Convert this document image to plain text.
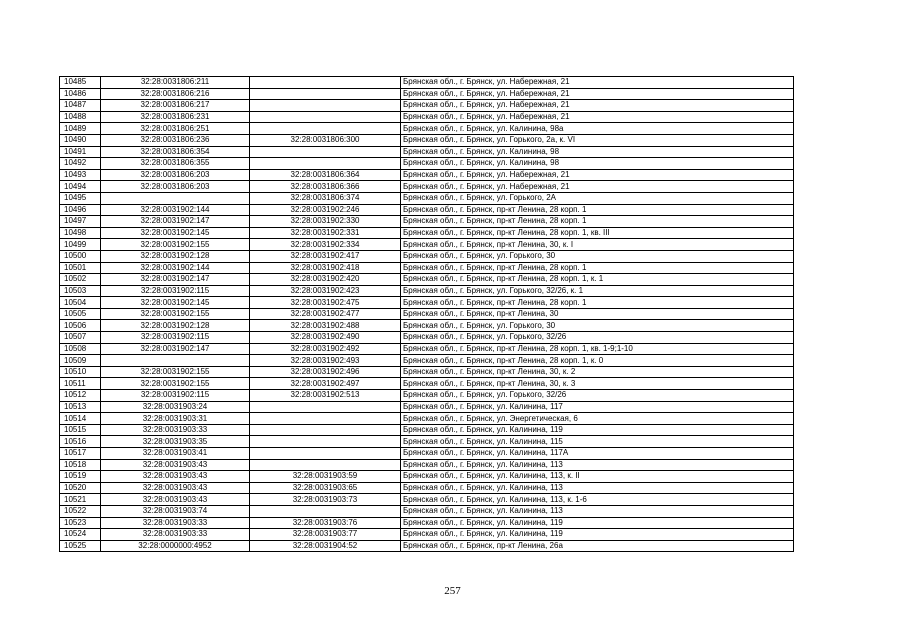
10485	32:28:0031806:211		Брянская обл., г. Брянск, ул. Набережная, 21
10486	32:28:0031806:216		Брянская обл., г. Брянск, ул. Набережная, 21
10487	32:28:0031806:217		Брянская обл., г. Брянск, ул. Набережная, 21
10488	32:28:0031806:231		Брянская обл., г. Брянск, ул. Набережная, 21
10489	32:28:0031806:251		Брянская обл., г. Брянск, ул. Калинина, 98а
10490	32:28:0031806:236	32:28:0031806:300	Брянская обл., г. Брянск, ул. Горького, 2а, к. VI
10491	32:28:0031806:354		Брянская обл., г. Брянск, ул. Калинина, 98
10492	32:28:0031806:355		Брянская обл., г. Брянск, ул. Калинина, 98
10493	32:28:0031806:203	32:28:0031806:364	Брянская обл., г. Брянск, ул. Набережная, 21
10494	32:28:0031806:203	32:28:0031806:366	Брянская обл., г. Брянск, ул. Набережная, 21
10495		32:28:0031806:374	Брянская обл., г. Брянск, ул. Горького, 2А
10496	32:28:0031902:144	32:28:0031902:246	Брянская обл., г. Брянск, пр-кт Ленина, 28 корп. 1
10497	32:28:0031902:147	32:28:0031902:330	Брянская обл., г. Брянск, пр-кт Ленина, 28 корп. 1
10498	32:28:0031902:145	32:28:0031902:331	Брянская обл., г. Брянск, пр-кт Ленина, 28 корп. 1, кв. III
10499	32:28:0031902:155	32:28:0031902:334	Брянская обл., г. Брянск, пр-кт Ленина, 30, к. I
10500	32:28:0031902:128	32:28:0031902:417	Брянская обл., г. Брянск, ул. Горького, 30
10501	32:28:0031902:144	32:28:0031902:418	Брянская обл., г. Брянск, пр-кт Ленина, 28 корп. 1
10502	32:28:0031902:147	32:28:0031902:420	Брянская обл., г. Брянск, пр-кт Ленина, 28 корп. 1, к. 1
10503	32:28:0031902:115	32:28:0031902:423	Брянская обл., г. Брянск, ул. Горького, 32/26, к. 1
10504	32:28:0031902:145	32:28:0031902:475	Брянская обл., г. Брянск, пр-кт Ленина, 28 корп. 1
10505	32:28:0031902:155	32:28:0031902:477	Брянская обл., г. Брянск, пр-кт Ленина, 30
10506	32:28:0031902:128	32:28:0031902:488	Брянская обл., г. Брянск, ул. Горького, 30
10507	32:28:0031902:115	32:28:0031902:490	Брянская обл., г. Брянск, ул. Горького, 32/26
10508	32:28:0031902:147	32:28:0031902:492	Брянская обл., г. Брянск, пр-кт Ленина, 28 корп. 1, кв. 1-9;1-10
10509		32:28:0031902:493	Брянская обл., г. Брянск, пр-кт Ленина, 28 корп. 1, к. 0
10510	32:28:0031902:155	32:28:0031902:496	Брянская обл., г. Брянск, пр-кт Ленина, 30, к. 2
10511	32:28:0031902:155	32:28:0031902:497	Брянская обл., г. Брянск, пр-кт Ленина, 30, к. 3
10512	32:28:0031902:115	32:28:0031902:513	Брянская обл., г. Брянск, ул. Горького, 32/26
10513	32:28:0031903:24		Брянская обл., г. Брянск, ул. Калинина, 117
10514	32:28:0031903:31		Брянская обл., г. Брянск, ул. Энергетическая, 6
10515	32:28:0031903:33		Брянская обл., г. Брянск, ул. Калинина, 119
10516	32:28:0031903:35		Брянская обл., г. Брянск, ул. Калинина, 115
10517	32:28:0031903:41		Брянская обл., г. Брянск, ул. Калинина, 117А
10518	32:28:0031903:43		Брянская обл., г. Брянск, ул. Калинина, 113
10519	32:28:0031903:43	32:28:0031903:59	Брянская обл., г. Брянск, ул. Калинина, 113, к. II
10520	32:28:0031903:43	32:28:0031903:65	Брянская обл., г. Брянск, ул. Калинина, 113
10521	32:28:0031903:43	32:28:0031903:73	Брянская обл., г. Брянск, ул. Калинина, 113, к. 1-6
10522	32:28:0031903:74		Брянская обл., г. Брянск, ул. Калинина, 113
10523	32:28:0031903:33	32:28:0031903:76	Брянская обл., г. Брянск, ул. Калинина, 119
10524	32:28:0031903:33	32:28:0031903:77	Брянская обл., г. Брянск, ул. Калинина, 119
10525	32:28:0000000:4952	32:28:0031904:52	Брянская обл., г. Брянск, пр-кт Ленина, 26а
257
